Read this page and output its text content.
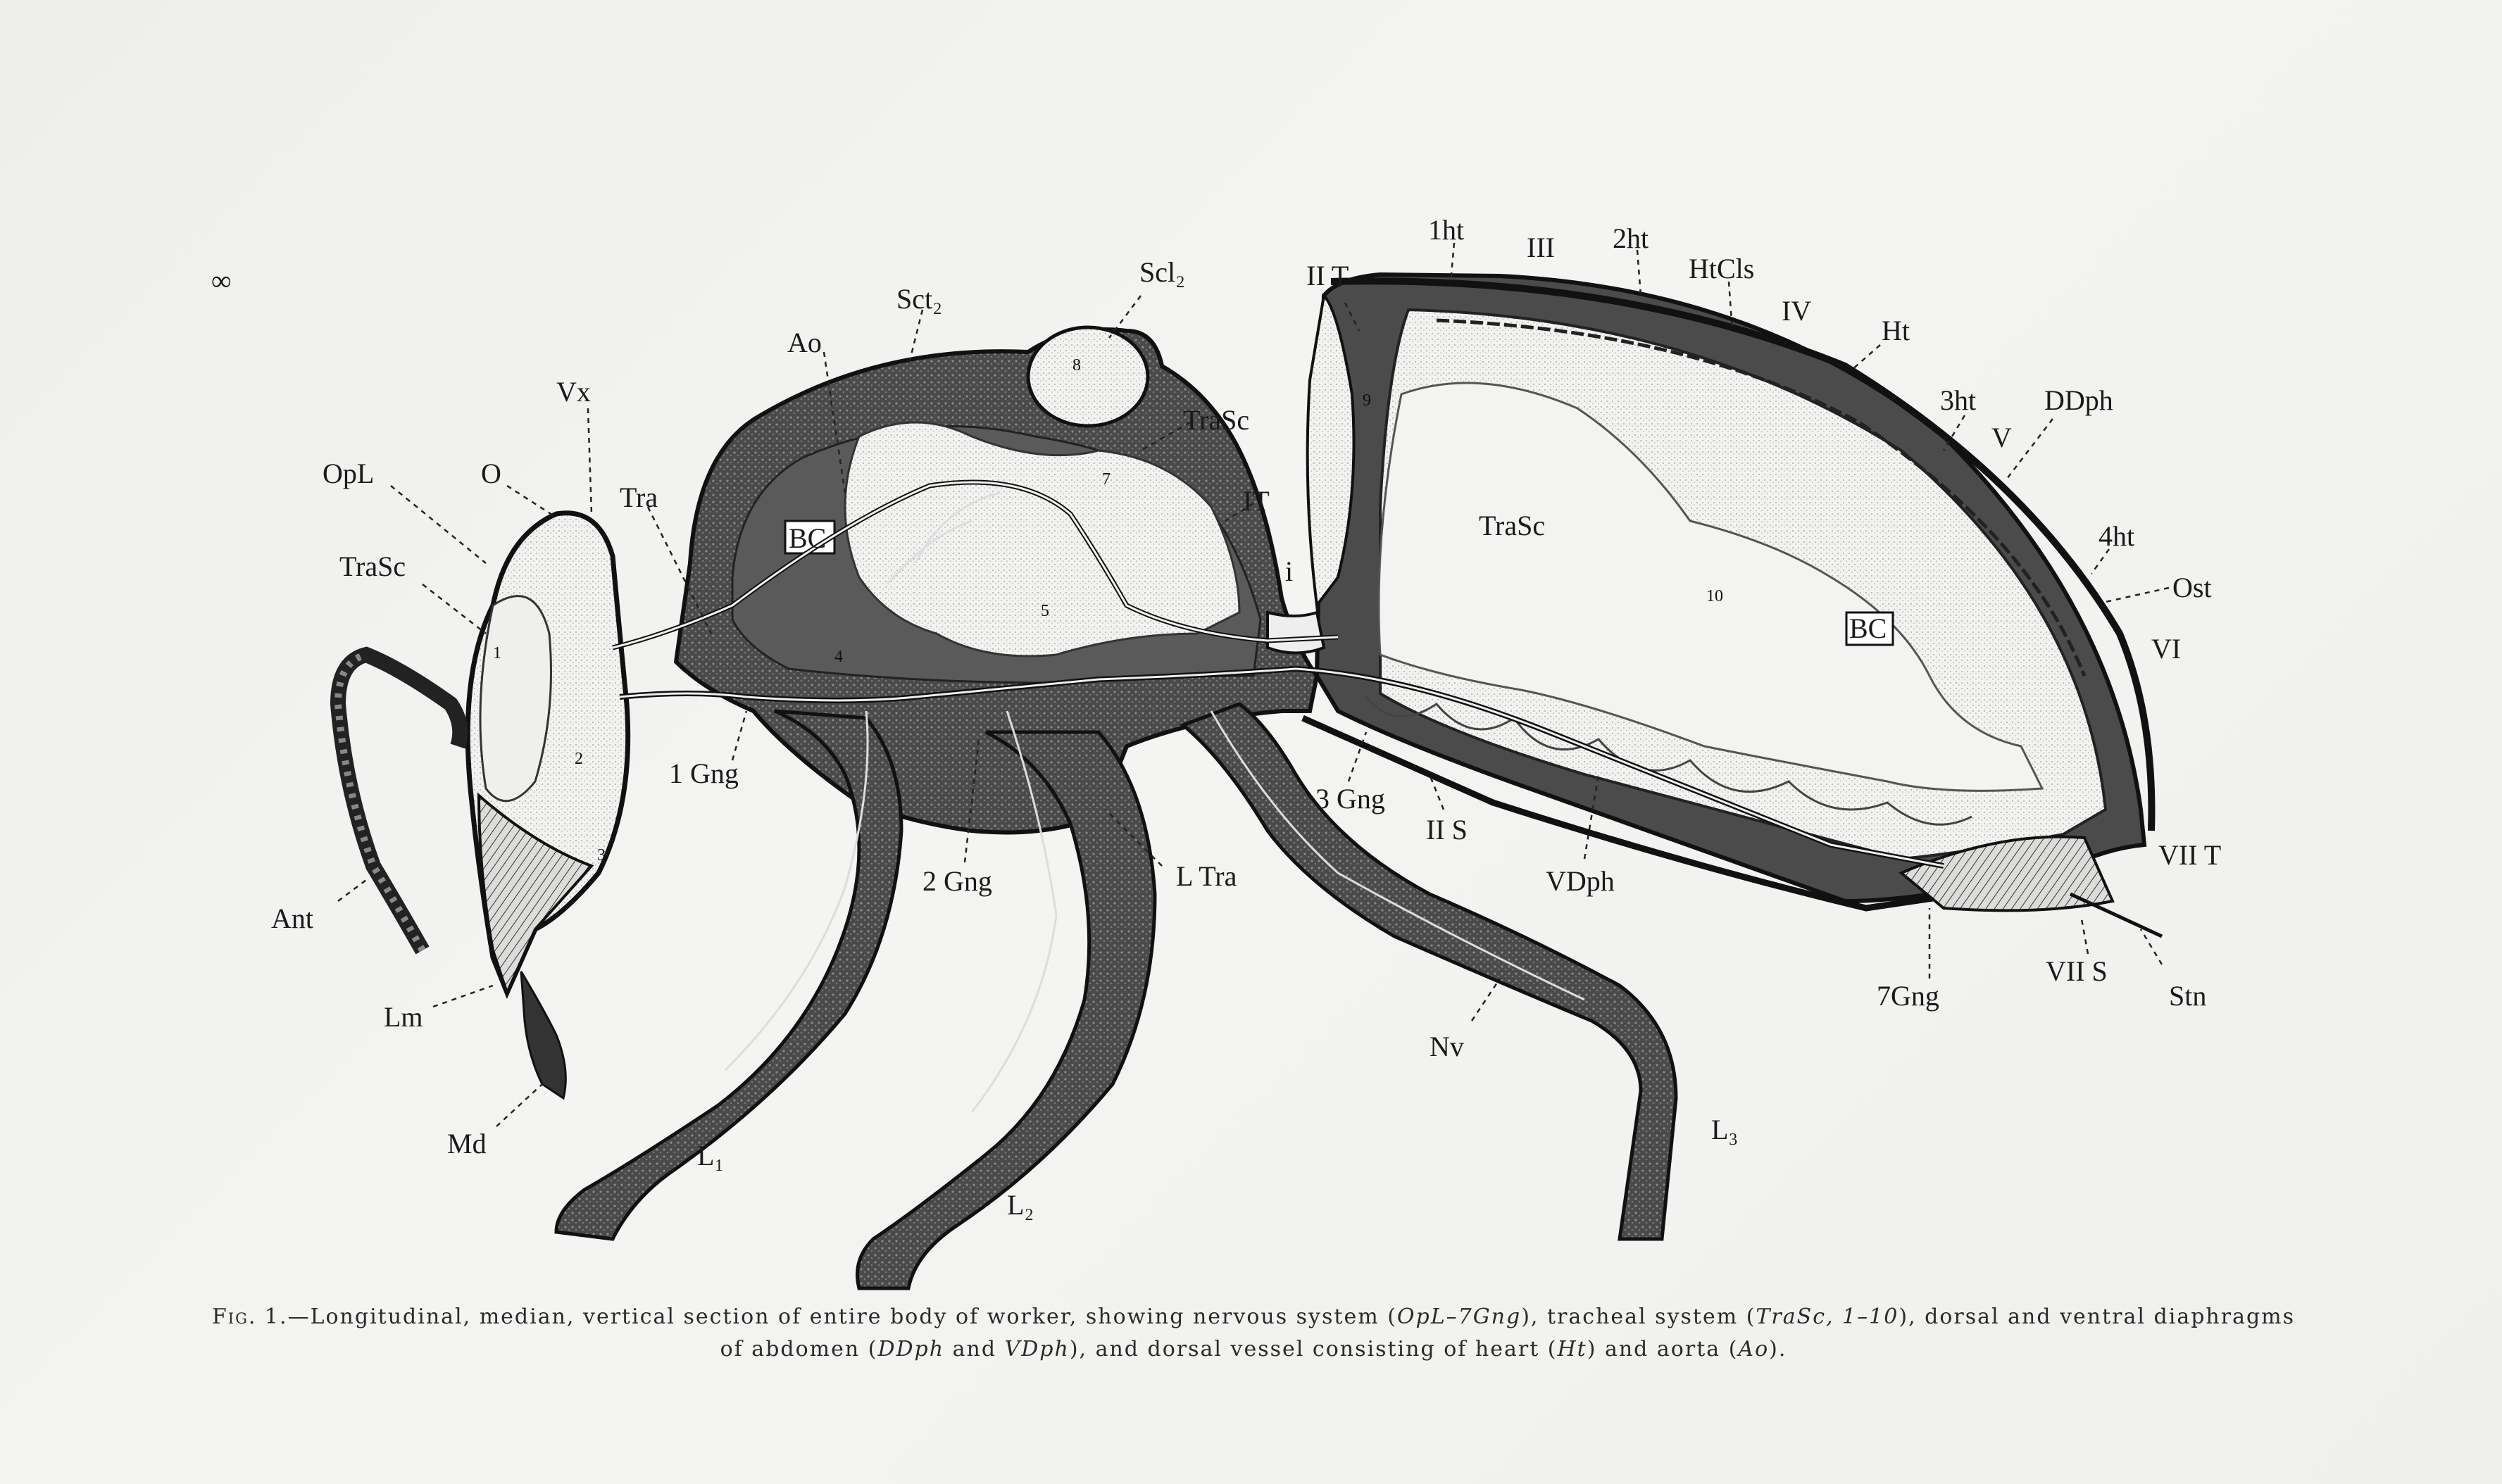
1
2
3
4
5
7
8
9
10
∞
OpL	O
Vx
TraSc
Tra
Ao
Sct₂
Scl₂
TraSc
IT
i
II T
1ht
III 2ht
HtCls
IV
Ht
3ht DDph
V
4ht
Ost
VI
TraSc
BC
BC
VII T
VII S
Stn
7Gng
VDph
II S
3 Gng
L Tra
2 Gng
1 Gng
Nv
L₁
L₂
L₃
Ant
Lm
Md

Fig. 1.—Longitudinal, median, vertical section of entire body of worker, showing nervous system (OpL–7Gng), tracheal system (TraSc, 1–10), dorsal and ventral diaphragms of abdomen (DDph and VDph), and dorsal vessel consisting of heart (Ht) and aorta (Ao).
